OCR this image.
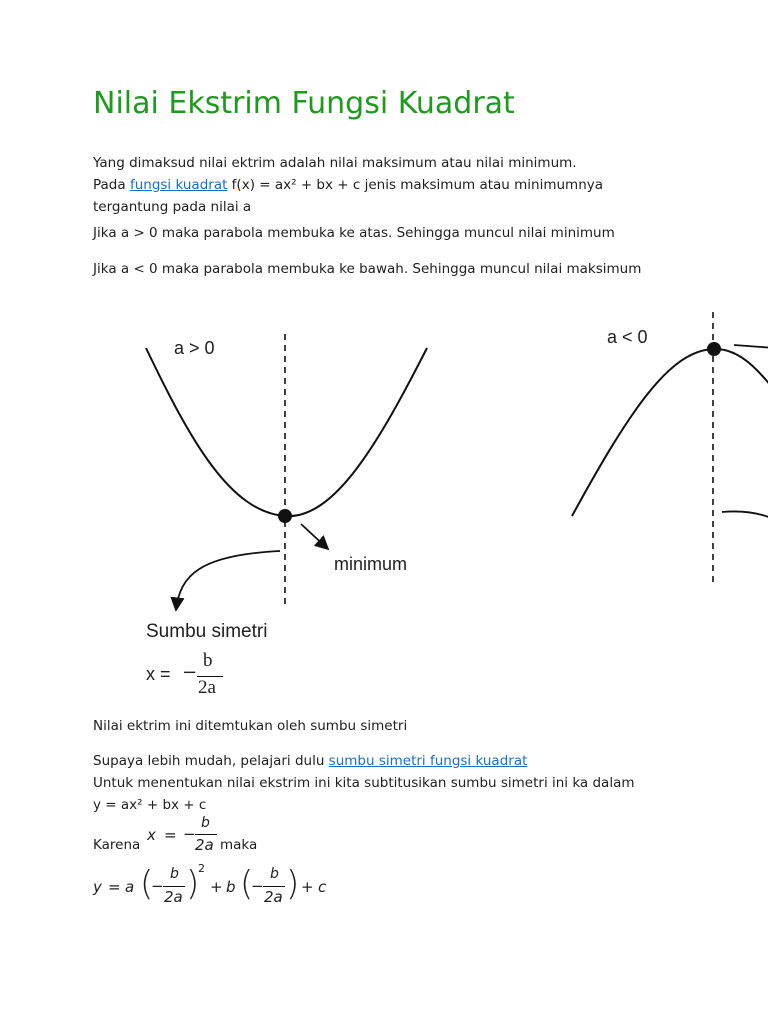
Nilai Ekstrim Fungsi Kuadrat

Yang dimaksud nilai ektrim adalah nilai maksimum atau nilai minimum.

Pada fungsi kuadrat f(x) = ax² + bx + c jenis maksimum atau minimumnya

tergantung pada nilai a

Jika a > 0 maka parabola membuka ke atas. Sehingga muncul nilai minimum

Jika a < 0 maka parabola membuka ke bawah. Sehingga muncul nilai maksimum

a > 0
minimum
Sumbu simetri
a < 0
x = −
b
2a

Nilai ektrim ini ditemtukan oleh sumbu simetri

Supaya lebih mudah, pelajari dulu sumbu simetri fungsi kuadrat

Untuk menentukan nilai ekstrim ini kita subtitusikan sumbu simetri ini ka dalam

y = ax² + bx + c

Karena
x = −
b
2a maka
y = a (
−
b
2a )
2
+ b (
−
b
2a ) + c
